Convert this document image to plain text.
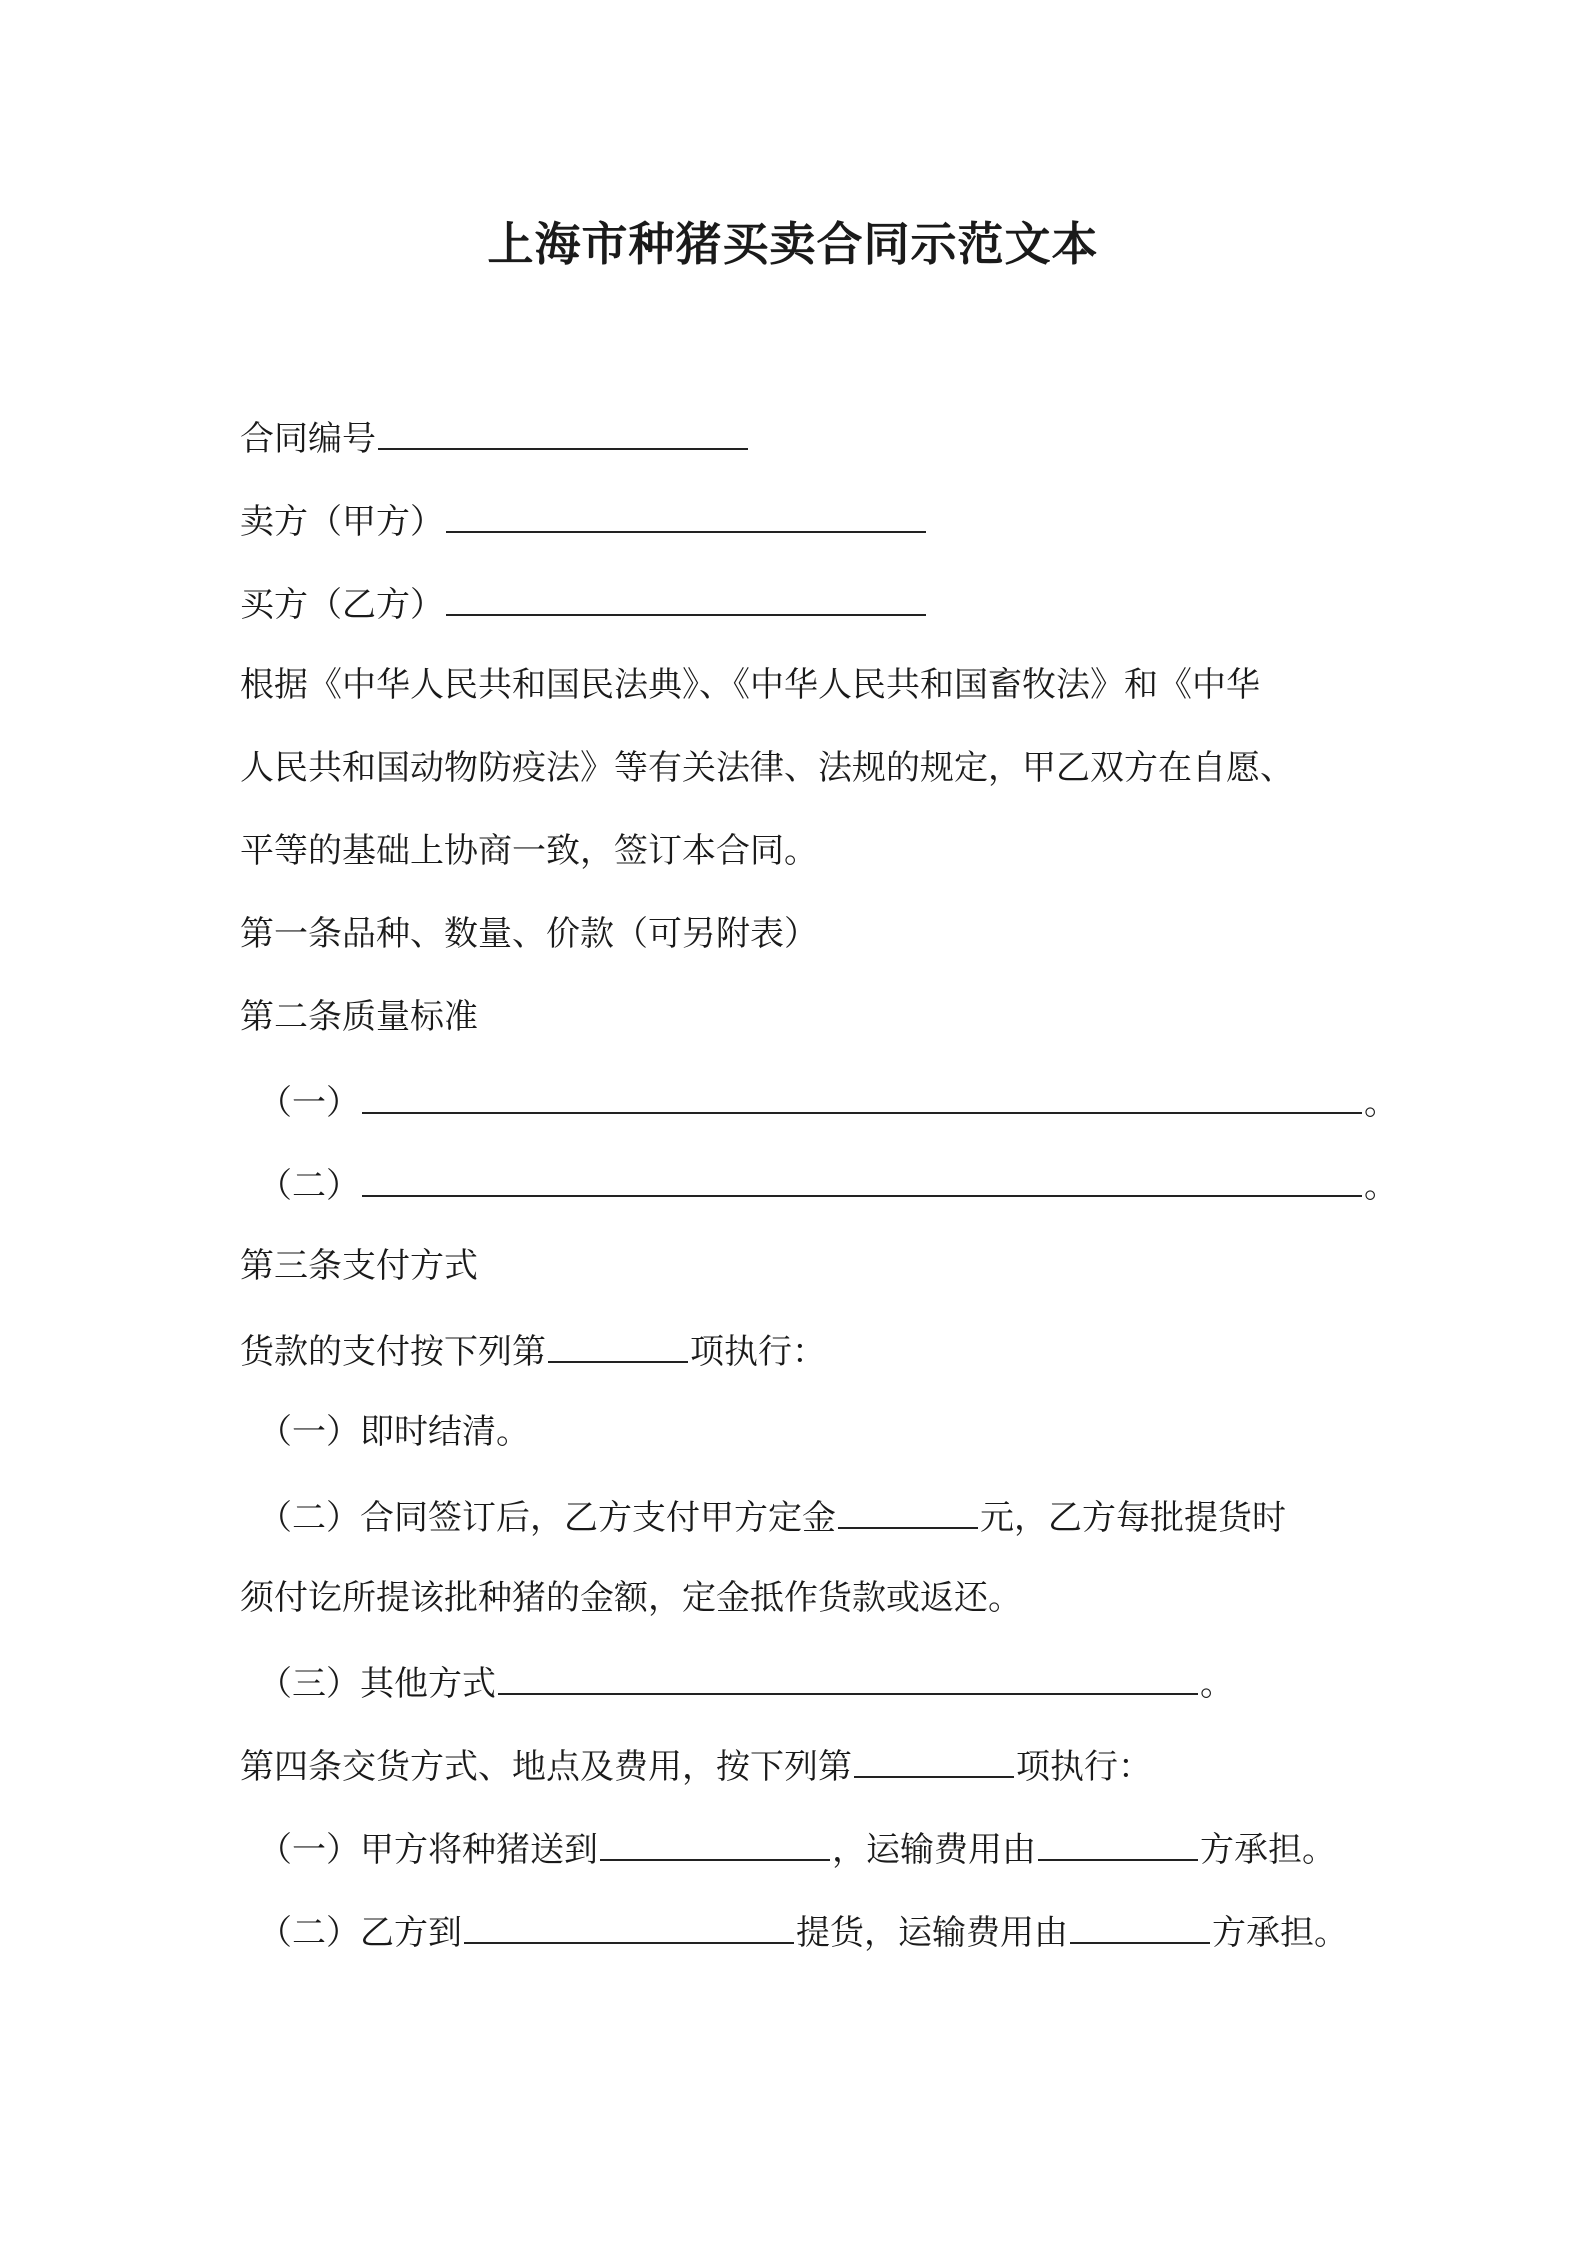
上海市种猪买卖合同示范文本
合同编号
卖方（甲方）
买方（乙方）
根据《中华人民共和国民法典》、《中华人民共和国畜牧法》和《中华
人民共和国动物防疫法》等有关法律、法规的规定，甲乙双方在自愿、
平等的基础上协商一致，签订本合同。
第一条品种、数量、价款（可另附表）
第二条质量标准
（一）	。
（二）	。
第三条支付方式
货款的支付按下列第	项执行：
（一）即时结清。
（二）合同签订后，乙方支付甲方定金	元，乙方每批提货时
须付讫所提该批种猪的金额，定金抵作货款或返还。
（三）其他方式	。
第四条交货方式、地点及费用，按下列第	项执行：
（一）甲方将种猪送到	，运输费用由	方承担。
（二）乙方到	提货，运输费用由	方承担。
